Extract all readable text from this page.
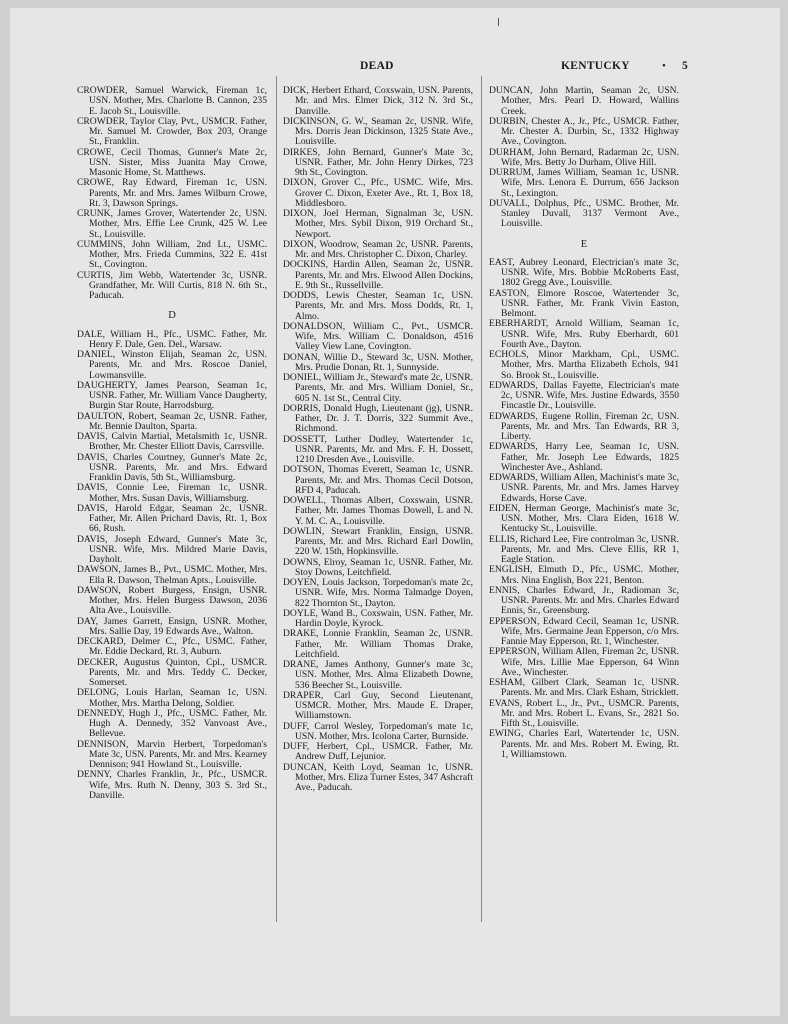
DEAD	KENTUCKY	• 5
CROWDER, Samuel Warwick, Fireman 1c, USN. Mother, Mrs. Charlotte B. Cannon, 235 E. Jacob St., Louisville.
CROWDER, Taylor Clay, Pvt., USMCR. Father, Mr. Samuel M. Crowder, Box 203, Orange St., Franklin.
CROWE, Cecil Thomas, Gunner's Mate 2c, USN. Sister, Miss Juanita May Crowe, Masonic Home, St. Matthews.
CROWE, Ray Edward, Fireman 1c, USN. Parents, Mr. and Mrs. James Wilburn Crowe, Rt. 3, Dawson Springs.
CRUNK, James Grover, Watertender 2c, USN. Mother, Mrs. Effie Lee Crunk, 425 W. Lee St., Louisville.
CUMMINS, John William, 2nd Lt., USMC. Mother, Mrs. Frieda Cummins, 322 E. 41st St., Covington.
CURTIS, Jim Webb, Watertender 3c, USNR. Grandfather, Mr. Will Curtis, 818 N. 6th St., Paducah.
D
DALE, William H., Pfc., USMC. Father, Mr. Henry F. Dale, Gen. Del., Warsaw.
DANIEL, Winston Elijah, Seaman 2c, USN. Parents, Mr. and Mrs. Roscoe Daniel, Lowmansville.
DAUGHERTY, James Pearson, Seaman 1c, USNR. Father, Mr. William Vance Daugherty, Burgin Star Route, Harrodsburg.
DAULTON, Robert, Seaman 2c, USNR. Father, Mr. Bennie Daulton, Sparta.
DAVIS, Calvin Martial, Metalsmith 1c, USNR. Brother, Mr. Chester Elliott Davis, Carrsville.
DAVIS, Charles Courtney, Gunner's Mate 2c, USNR. Parents, Mr. and Mrs. Edward Franklin Davis, 5th St., Williamsburg.
DAVIS, Connie Lee, Fireman 1c, USNR. Mother, Mrs. Susan Davis, Williamsburg.
DAVIS, Harold Edgar, Seaman 2c, USNR. Father, Mr. Allen Prichard Davis, Rt. 1, Box 66, Rush.
DAVIS, Joseph Edward, Gunner's Mate 3c, USNR. Wife, Mrs. Mildred Marie Davis, Dayholt.
DAWSON, James B., Pvt., USMC. Mother, Mrs. Ella R. Dawson, Thelman Apts., Louisville.
DAWSON, Robert Burgess, Ensign, USNR. Mother, Mrs. Helen Burgess Dawson, 2036 Alta Ave., Louisville.
DAY, James Garrett, Ensign, USNR. Mother, Mrs. Sallie Day, 19 Edwards Ave., Walton.
DECKARD, Delmer C., Pfc., USMC. Father, Mr. Eddie Deckard, Rt. 3, Auburn.
DECKER, Augustus Quinton, Cpl., USMCR. Parents, Mr. and Mrs. Teddy C. Decker, Somerset.
DELONG, Louis Harlan, Seaman 1c, USN. Mother, Mrs. Martha Delong, Soldier.
DENNEDY, Hugh J., Pfc., USMC. Father, Mr. Hugh A. Dennedy, 352 Vanvoast Ave., Bellevue.
DENNISON, Marvin Herbert, Torpedoman's Mate 3c, USN. Parents, Mr. and Mrs. Kearney Dennison; 941 Howland St., Louisville.
DENNY, Charles Franklin, Jr., Pfc., USMCR. Wife, Mrs. Ruth N. Denny, 303 S. 3rd St., Danville.
DICK, Herbert Ethard, Coxswain, USN. Parents, Mr. and Mrs. Elmer Dick, 312 N. 3rd St., Danville.
DICKINSON, G. W., Seaman 2c, USNR. Wife, Mrs. Dorris Jean Dickinson, 1325 State Ave., Louisville.
DIRKES, John Bernard, Gunner's Mate 3c, USNR. Father, Mr. John Henry Dirkes, 723 9th St., Covington.
DIXON, Grover C., Pfc., USMC. Wife, Mrs. Grover C. Dixon, Exeter Ave., Rt. 1, Box 18, Middlesboro.
DIXON, Joel Herman, Signalman 3c, USN. Mother, Mrs. Sybil Dixon, 919 Orchard St., Newport.
DIXON, Woodrow, Seaman 2c, USNR. Parents, Mr. and Mrs. Christopher C. Dixon, Charley.
DOCKINS, Hardin Allen, Seaman 2c, USNR. Parents, Mr. and Mrs. Elwood Allen Dockins, E. 9th St., Russellville.
DODDS, Lewis Chester, Seaman 1c, USN. Parents, Mr. and Mrs. Moss Dodds, Rt. 1, Almo.
DONALDSON, William C., Pvt., USMCR. Wife, Mrs. William C. Donaldson, 4516 Valley View Lane, Covington.
DONAN, Willie D., Steward 3c, USN. Mother, Mrs. Prudie Donan, Rt. 1, Sunnyside.
DONIEL, William Jr., Steward's mate 2c, USNR. Parents, Mr. and Mrs. William Doniel, Sr., 605 N. 1st St., Central City.
DORRIS, Donald Hugh, Lieutenant (jg), USNR. Father, Dr. J. T. Dorris, 322 Summit Ave., Richmond.
DOSSETT, Luther Dudley, Watertender 1c, USNR. Parents, Mr. and Mrs. F. H. Dossett, 1210 Dresden Ave., Louisville.
DOTSON, Thomas Everett, Seaman 1c, USNR. Parents, Mr. and Mrs. Thomas Cecil Dotson, RFD 4, Paducah.
DOWELL, Thomas Albert, Coxswain, USNR. Father, Mr. James Thomas Dowell, L and N. Y. M. C. A., Louisville.
DOWLIN, Stewart Franklin, Ensign, USNR. Parents, Mr. and Mrs. Richard Earl Dowlin, 220 W. 15th, Hopkinsville.
DOWNS, Elroy, Seaman 1c, USNR. Father, Mr. Stoy Downs, Leitchfield.
DOYEN, Louis Jackson, Torpedoman's mate 2c, USNR. Wife, Mrs. Norma Talmadge Doyen, 822 Thornton St., Dayton.
DOYLE, Wand B., Coxswain, USN. Father, Mr. Hardin Doyle, Kyrock.
DRAKE, Lonnie Franklin, Seaman 2c, USNR. Father, Mr. William Thomas Drake, Leitchfield.
DRANE, James Anthony, Gunner's mate 3c, USN. Mother, Mrs. Alma Elizabeth Downe, 536 Beecher St., Louisville.
DRAPER, Carl Guy, Second Lieutenant, USMCR. Mother, Mrs. Maude E. Draper, Williamstown.
DUFF, Carrol Wesley, Torpedoman's mate 1c, USN. Mother, Mrs. Icolona Carter, Burnside.
DUFF, Herbert, Cpl., USMCR. Father, Mr. Andrew Duff, Lejunior.
DUNCAN, Keith Loyd, Seaman 1c, USNR. Mother, Mrs. Eliza Turner Estes, 347 Ashcraft Ave., Paducah.
DUNCAN, John Martin, Seaman 2c, USN. Mother, Mrs. Pearl D. Howard, Wallins Creek.
DURBIN, Chester A., Jr., Pfc., USMCR. Father, Mr. Chester A. Durbin, Sr., 1332 Highway Ave., Covington.
DURHAM, John Bernard, Radarman 2c, USN. Wife, Mrs. Betty Jo Durham, Olive Hill.
DURRUM, James William, Seaman 1c, USNR. Wife, Mrs. Lenora E. Durrum, 656 Jackson St., Lexington.
DUVALL, Dolphus, Pfc., USMC. Brother, Mr. Stanley Duvall, 3137 Vermont Ave., Louisville.
E
EAST, Aubrey Leonard, Electrician's mate 3c, USNR. Wife, Mrs. Bobbie McRoberts East, 1802 Gregg Ave., Louisville.
EASTON, Elmore Roscoe, Watertender 3c, USNR. Father, Mr. Frank Vivin Easton, Belmont.
EBERHARDT, Arnold William, Seaman 1c, USNR. Wife, Mrs. Ruby Eberhardt, 601 Fourth Ave., Dayton.
ECHOLS, Minor Markham, Cpl., USMC. Mother, Mrs. Martha Elizabeth Echols, 941 So. Brook St., Louisville.
EDWARDS, Dallas Fayette, Electrician's mate 2c, USNR. Wife, Mrs. Justine Edwards, 3550 Fincastle Dr., Louisville.
EDWARDS, Eugene Rollin, Fireman 2c, USN. Parents, Mr. and Mrs. Tan Edwards, RR 3, Liberty.
EDWARDS, Harry Lee, Seaman 1c, USN. Father, Mr. Joseph Lee Edwards, 1825 Winchester Ave., Ashland.
EDWARDS, William Allen, Machinist's mate 3c, USNR. Parents, Mr. and Mrs. James Harvey Edwards, Horse Cave.
EIDEN, Herman George, Machinist's mate 3c, USN. Mother, Mrs. Clara Eiden, 1618 W. Kentucky St., Louisville.
ELLIS, Richard Lee, Fire controlman 3c, USNR. Parents, Mr. and Mrs. Cleve Ellis, RR 1, Eagle Station.
ENGLISH, Elmuth D., Pfc., USMC. Mother, Mrs. Nina English, Box 221, Benton.
ENNIS, Charles Edward, Jr., Radioman 3c, USNR. Parents. Mr. and Mrs. Charles Edward Ennis, Sr., Greensburg.
EPPERSON, Edward Cecil, Seaman 1c, USNR. Wife, Mrs. Germaine Jean Epperson, c/o Mrs. Fannie May Epperson, Rt. 1, Winchester.
EPPERSON, William Allen, Fireman 2c, USNR. Wife, Mrs. Lillie Mae Epperson, 64 Winn Ave., Winchester.
ESHAM, Gilbert Clark, Seaman 1c, USNR. Parents. Mr. and Mrs. Clark Esham, Stricklett.
EVANS, Robert L., Jr., Pvt., USMCR. Parents, Mr. and Mrs. Robert L. Evans, Sr., 2821 So. Fifth St., Louisville.
EWING, Charles Earl, Watertender 1c, USN. Parents. Mr. and Mrs. Robert M. Ewing, Rt. 1, Williamstown.
